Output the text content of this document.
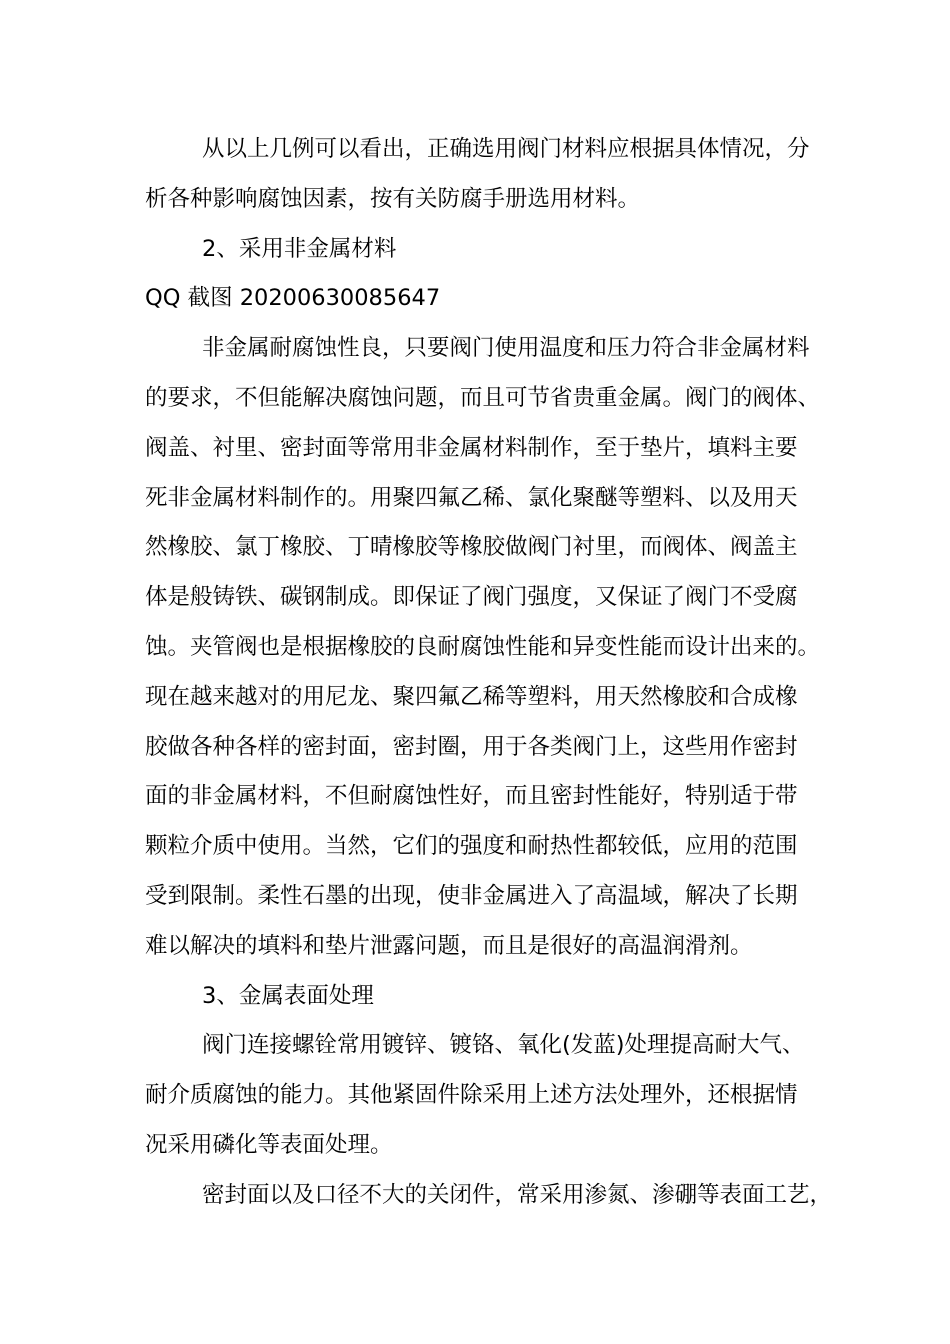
从以上几例可以看出，正确选用阀门材料应根据具体情况，分
析各种影响腐蚀因素，按有关防腐手册选用材料。
2、采用非金属材料
QQ 截图 20200630085647
非金属耐腐蚀性良，只要阀门使用温度和压力符合非金属材料
的要求，不但能解决腐蚀问题，而且可节省贵重金属。阀门的阀体、
阀盖、衬里、密封面等常用非金属材料制作，至于垫片，填料主要
死非金属材料制作的。用聚四氟乙稀、氯化聚醚等塑料、以及用天
然橡胶、氯丁橡胶、丁晴橡胶等橡胶做阀门衬里，而阀体、阀盖主
体是般铸铁、碳钢制成。即保证了阀门强度，又保证了阀门不受腐
蚀。夹管阀也是根据橡胶的良耐腐蚀性能和异变性能而设计出来的。
现在越来越对的用尼龙、聚四氟乙稀等塑料，用天然橡胶和合成橡
胶做各种各样的密封面，密封圈，用于各类阀门上，这些用作密封
面的非金属材料，不但耐腐蚀性好，而且密封性能好，特别适于带
颗粒介质中使用。当然，它们的强度和耐热性都较低，应用的范围
受到限制。柔性石墨的出现，使非金属进入了高温域，解决了长期
难以解决的填料和垫片泄露问题，而且是很好的高温润滑剂。
3、金属表面处理
阀门连接螺铨常用镀锌、镀铬、氧化(发蓝)处理提高耐大气、
耐介质腐蚀的能力。其他紧固件除采用上述方法处理外，还根据情
况采用磷化等表面处理。
密封面以及口径不大的关闭件，常采用渗氮、渗硼等表面工艺，
